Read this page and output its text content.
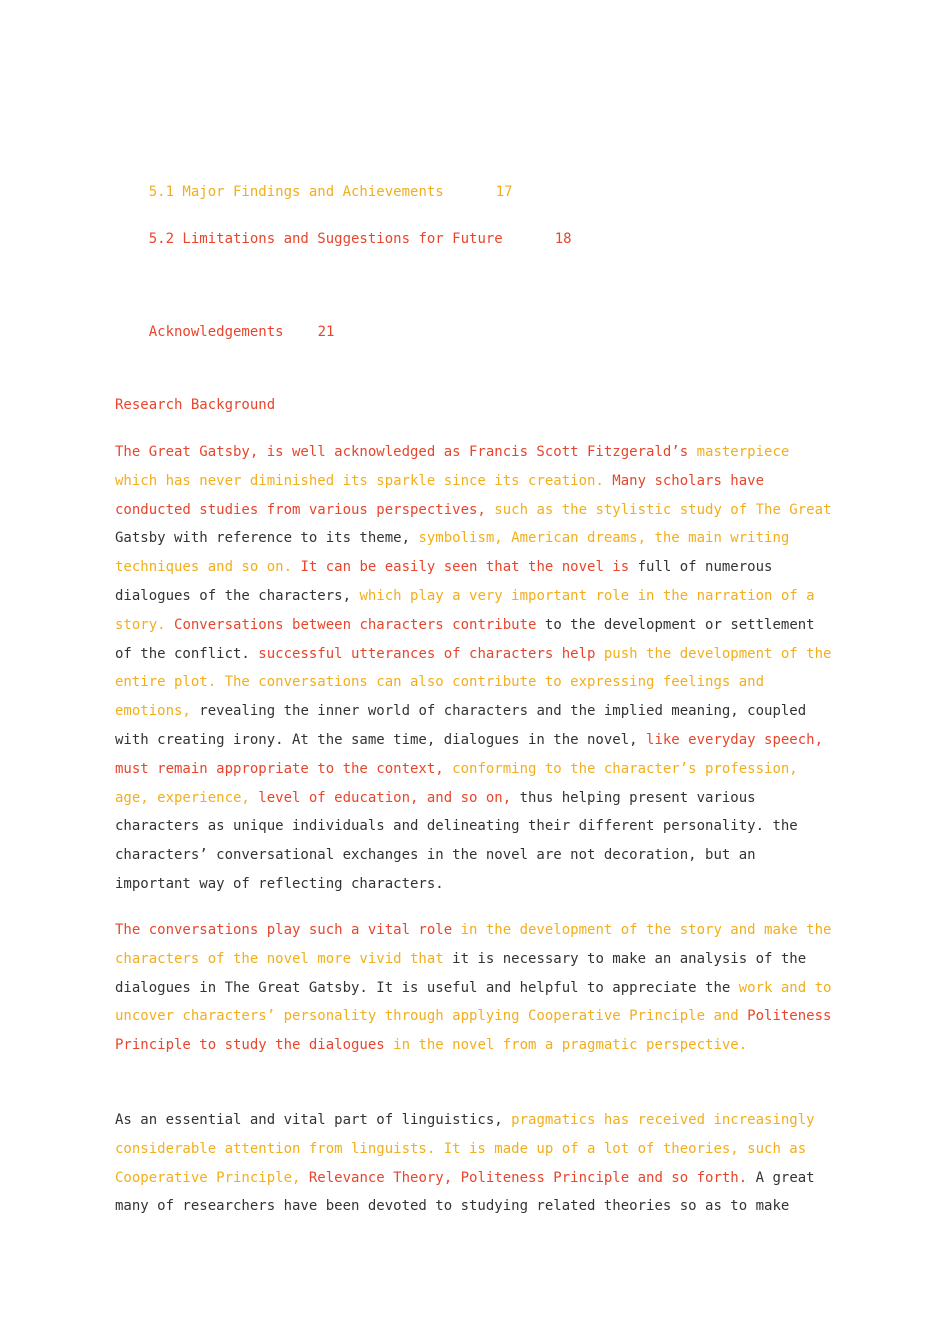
5.1 Major Findings and Achievements	17

5.2 Limitations and Suggestions for Future	18

Acknowledgements 21

Research Background

The Great Gatsby, is well acknowledged as Francis Scott Fitzgerald’s masterpiece which has never diminished its sparkle since its creation. Many scholars have conducted studies from various perspectives, such as the stylistic study of The Great Gatsby with reference to its theme, symbolism, American dreams, the main writing techniques and so on. It can be easily seen that the novel is full of numerous dialogues of the characters, which play a very important role in the narration of a story. Conversations between characters contribute to the development or settlement of the conflict. successful utterances of characters help push the development of the entire plot. The conversations can also contribute to expressing feelings and emotions, revealing the inner world of characters and the implied meaning, coupled with creating irony. At the same time, dialogues in the novel, like everyday speech, must remain appropriate to the context, conforming to the character’s profession, age, experience, level of education, and so on, thus helping present various characters as unique individuals and delineating their different personality. the characters’ conversational exchanges in the novel are not decoration, but an important way of reflecting characters.

The conversations play such a vital role in the development of the story and make the characters of the novel more vivid that it is necessary to make an analysis of the dialogues in The Great Gatsby. It is useful and helpful to appreciate the work and to uncover characters’ personality through applying Cooperative Principle and Politeness Principle to study the dialogues in the novel from a pragmatic perspective.

As an essential and vital part of linguistics, pragmatics has received increasingly considerable attention from linguists. It is made up of a lot of theories, such as Cooperative Principle, Relevance Theory, Politeness Principle and so forth. A great many of researchers have been devoted to studying related theories so as to make
